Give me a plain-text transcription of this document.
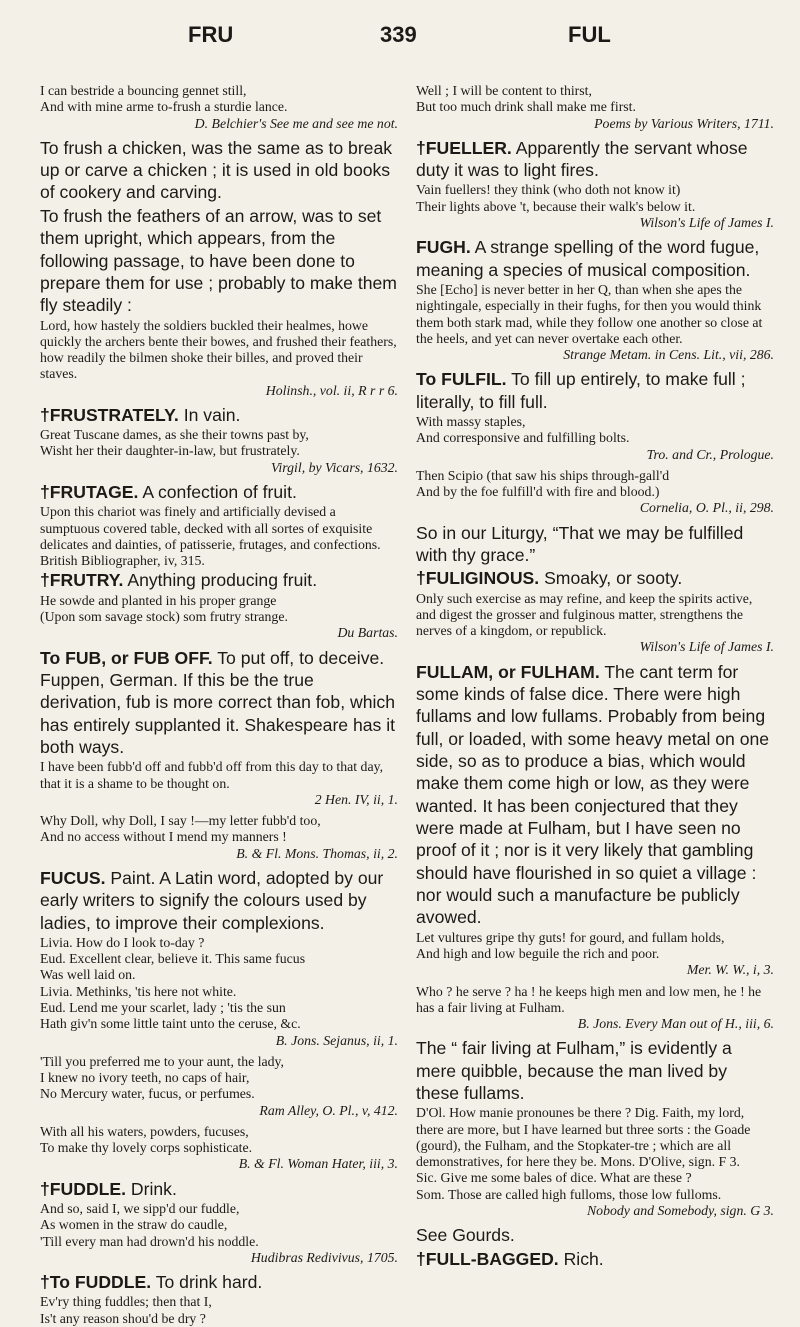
FRU	339	FUL
I can bestride a bouncing gennet still,
And with mine arme to-frush a sturdie lance.
D. Belchier's See me and see me not.

To frush a chicken, was the same as to break up or carve a chicken ; it is used in old books of cookery and carving.

To frush the feathers of an arrow, was to set them upright, which appears, from the following passage, to have been done to prepare them for use ; probably to make them fly steadily :

Lord, how hastely the soldiers buckled their healmes, howe quickly the archers bente their bowes, and frushed their feathers, how readily the bilmen shoke their billes, and proved their staves.
Holinsh., vol. ii, R r r 6.

†FRUSTRATELY. In vain.

Great Tuscane dames, as she their towns past by,
Wisht her their daughter-in-law, but frustrately.
Virgil, by Vicars, 1632.

†FRUTAGE. A confection of fruit.

Upon this chariot was finely and artificially devised a sumptuous covered table, decked with all sortes of exquisite delicates and dainties, of patisserie, frutages, and confections. British Bibliographer, iv, 315.

†FRUTRY. Anything producing fruit.

He sowde and planted in his proper grange
(Upon som savage stock) som frutry strange.
Du Bartas.

To FUB, or FUB OFF. To put off, to deceive. Fuppen, German. If this be the true derivation, fub is more correct than fob, which has entirely supplanted it. Shakespeare has it both ways.

I have been fubb'd off and fubb'd off from this day to that day, that it is a shame to be thought on.
2 Hen. IV, ii, 1.
Why Doll, why Doll, I say !—my letter fubb'd too,
And no access without I mend my manners !
B. & Fl. Mons. Thomas, ii, 2.

FUCUS. Paint. A Latin word, adopted by our early writers to signify the colours used by ladies, to improve their complexions.

Livia. How do I look to-day ?
Eud. Excellent clear, believe it. This same fucus
Was well laid on.
Livia. Methinks, 'tis here not white.
Eud. Lend me your scarlet, lady ; 'tis the sun
Hath giv'n some little taint unto the ceruse, &c.
B. Jons. Sejanus, ii, 1.
'Till you preferred me to your aunt, the lady,
I knew no ivory teeth, no caps of hair,
No Mercury water, fucus, or perfumes.
Ram Alley, O. Pl., v, 412.
With all his waters, powders, fucuses,
To make thy lovely corps sophisticate.
B. & Fl. Woman Hater, iii, 3.

†FUDDLE. Drink.

And so, said I, we sipp'd our fuddle,
As women in the straw do caudle,
'Till every man had drown'd his noddle.
Hudibras Redivivus, 1705.

†To FUDDLE. To drink hard.

Ev'ry thing fuddles; then that I,
Is't any reason shou'd be dry ?
Well ; I will be content to thirst,
But too much drink shall make me first.
Poems by Various Writers, 1711.

†FUELLER. Apparently the servant whose duty it was to light fires.

Vain fuellers! they think (who doth not know it)
Their lights above 't, because their walk's below it.
Wilson's Life of James I.

FUGH. A strange spelling of the word fugue, meaning a species of musical composition.

She [Echo] is never better in her Q, than when she apes the nightingale, especially in their fughs, for then you would think them both stark mad, while they follow one another so close at the heels, and yet can never overtake each other.
Strange Metam. in Cens. Lit., vii, 286.

To FULFIL. To fill up entirely, to make full ; literally, to fill full.

With massy staples,
And corresponsive and fulfilling bolts.
Tro. and Cr., Prologue.
Then Scipio (that saw his ships through-gall'd
And by the foe fulfill'd with fire and blood.)
Cornelia, O. Pl., ii, 298.

So in our Liturgy, “That we may be fulfilled with thy grace.”

†FULIGINOUS. Smoaky, or sooty.

Only such exercise as may refine, and keep the spirits active, and digest the grosser and fulginous matter, strengthens the nerves of a kingdom, or republick.
Wilson's Life of James I.

FULLAM, or FULHAM. The cant term for some kinds of false dice. There were high fullams and low fullams. Probably from being full, or loaded, with some heavy metal on one side, so as to produce a bias, which would make them come high or low, as they were wanted. It has been conjectured that they were made at Fulham, but I have seen no proof of it ; nor is it very likely that gambling should have flourished in so quiet a village : nor would such a manufacture be publicly avowed.

Let vultures gripe thy guts! for gourd, and fullam holds,
And high and low beguile the rich and poor.
Mer. W. W., i, 3.
Who ? he serve ? ha ! he keeps high men and low men, he ! he has a fair living at Fulham.
B. Jons. Every Man out of H., iii, 6.

The “ fair living at Fulham,” is evidently a mere quibble, because the man lived by these fullams.

D'Ol. How manie pronounes be there ? Dig. Faith, my lord, there are more, but I have learned but three sorts : the Goade (gourd), the Fulham, and the Stopkater-tre ; which are all demonstratives, for here they be. Mons. D'Olive, sign. F 3.
Sic. Give me some bales of dice. What are these ?
Som. Those are called high fulloms, those low fulloms.
Nobody and Somebody, sign. G 3.

See Gourds.

†FULL-BAGGED. Rich.
